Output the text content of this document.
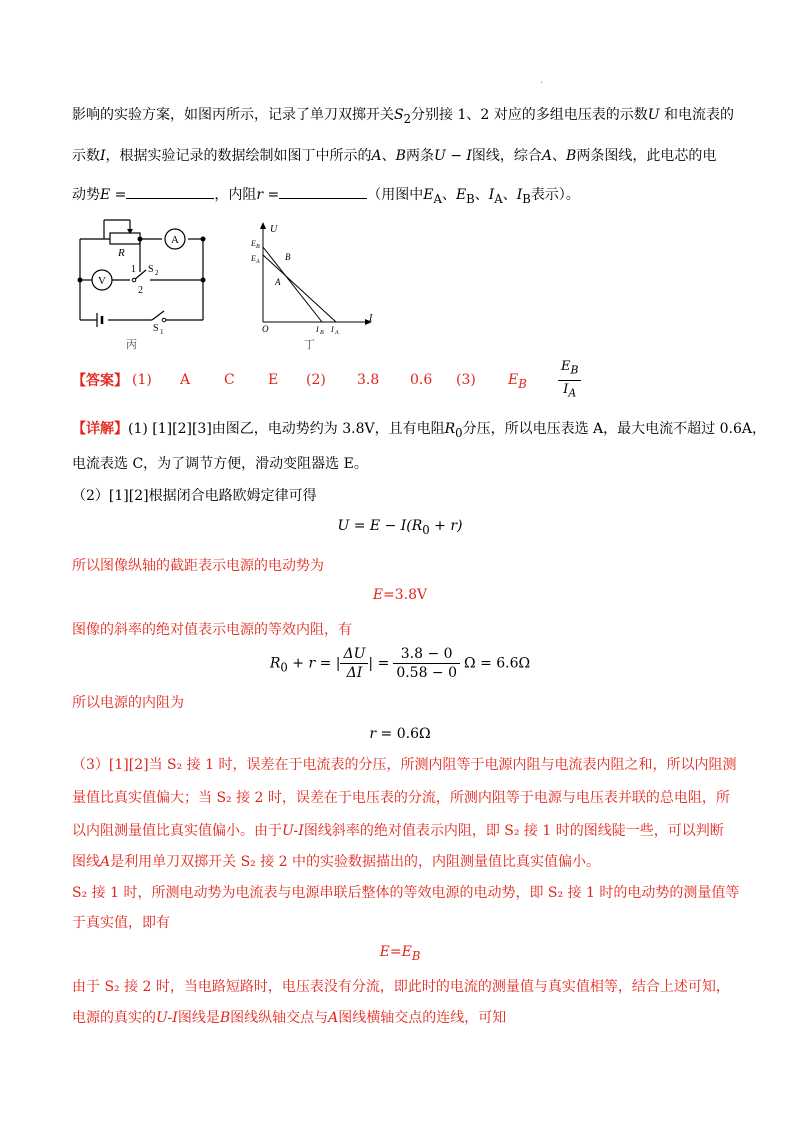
·
影响的实验方案，如图丙所示，记录了单刀双掷开关$S_2$分别接 1、2 对应的多组电压表的示数U 和电流表的
示数I，根据实验记录的数据绘制如图丁中所示的A、B两条U − I图线，综合A、B两条图线，此电芯的电
动势E =	，内阻r =	（用图中$E_A$、$E_B$、$I_A$、$I_B$表示）。
A
V
R
1
2
S 2
S 1
丙
U
I
O
E B
E A	B
A
I B I A
丁
【答案】 (1) A C E (2) 3.8 0.6 (3) $E_B \frac{E_B}{I_A}$
【详解】(1) [1][2][3]由图乙，电动势约为 3.8V，且有电阻$R_0$分压，所以电压表选 A，最大电流不超过 0.6A，
电流表选 C，为了调节方便，滑动变阻器选 E。
（2）[1][2]根据闭合电路欧姆定律可得
$U = E - I(R_0 + r)$
所以图像纵轴的截距表示电源的电动势为
E=3.8V
图像的斜率的绝对值表示电源的等效内阻，有
$R_0 + r$ = | $\frac{\Delta U}{\Delta I}$ | = $\frac{3.8 - 0}{0.58 - 0}$ Ω = 6.6Ω
所以电源的内阻为
r = 0.6Ω
（3）[1][2]当 S₂ 接 1 时，误差在于电流表的分压，所测内阻等于电源内阻与电流表内阻之和，所以内阻测
量值比真实值偏大；当 S₂ 接 2 时，误差在于电压表的分流，所测内阻等于电源与电压表并联的总电阻，所
以内阻测量值比真实值偏小。由于U-I图线斜率的绝对值表示内阻，即 S₂ 接 1 时的图线陡一些，可以判断
图线A是利用单刀双掷开关 S₂ 接 2 中的实验数据描出的，内阻测量值比真实值偏小。
S₂ 接 1 时，所测电动势为电流表与电源串联后整体的等效电源的电动势，即 S₂ 接 1 时的电动势的测量值等
于真实值，即有
$E=E_B$
由于 S₂ 接 2 时，当电路短路时，电压表没有分流，即此时的电流的测量值与真实值相等，结合上述可知，
电源的真实的U-I图线是B图线纵轴交点与A图线横轴交点的连线，可知
